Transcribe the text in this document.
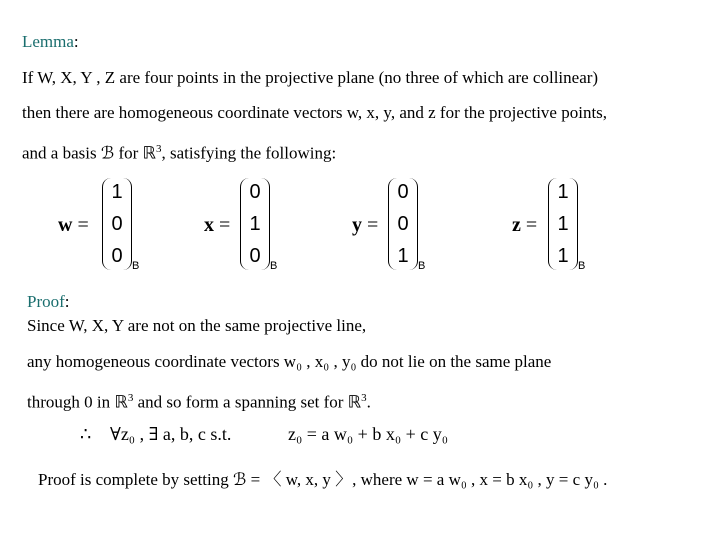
Lemma:
If W, X, Y , Z are four points in the projective plane (no three of which are collinear)
then there are homogeneous coordinate vectors w, x, y, and z for the projective points,
and a basis ℬ for ℝ$^3$, satisfying the following:
w =
1
0
0 B
x =
0
1
0 B
y =
0
0
1 B
z =
1
1
1 B
Proof:
Since W, X, Y are not on the same projective line,
any homogeneous coordinate vectors w₀ , x₀ , y₀ do not lie on the same plane
through 0 in ℝ$^3$ and so form a spanning set for ℝ$^3$.
∴ ∀z₀ , ∃ a, b, c s.t.	z₀ = a w₀ + b x₀ + c y₀
Proof is complete by setting ℬ = 〈 w, x, y 〉, where w = a w₀ , x = b x₀ , y = c y₀ .
